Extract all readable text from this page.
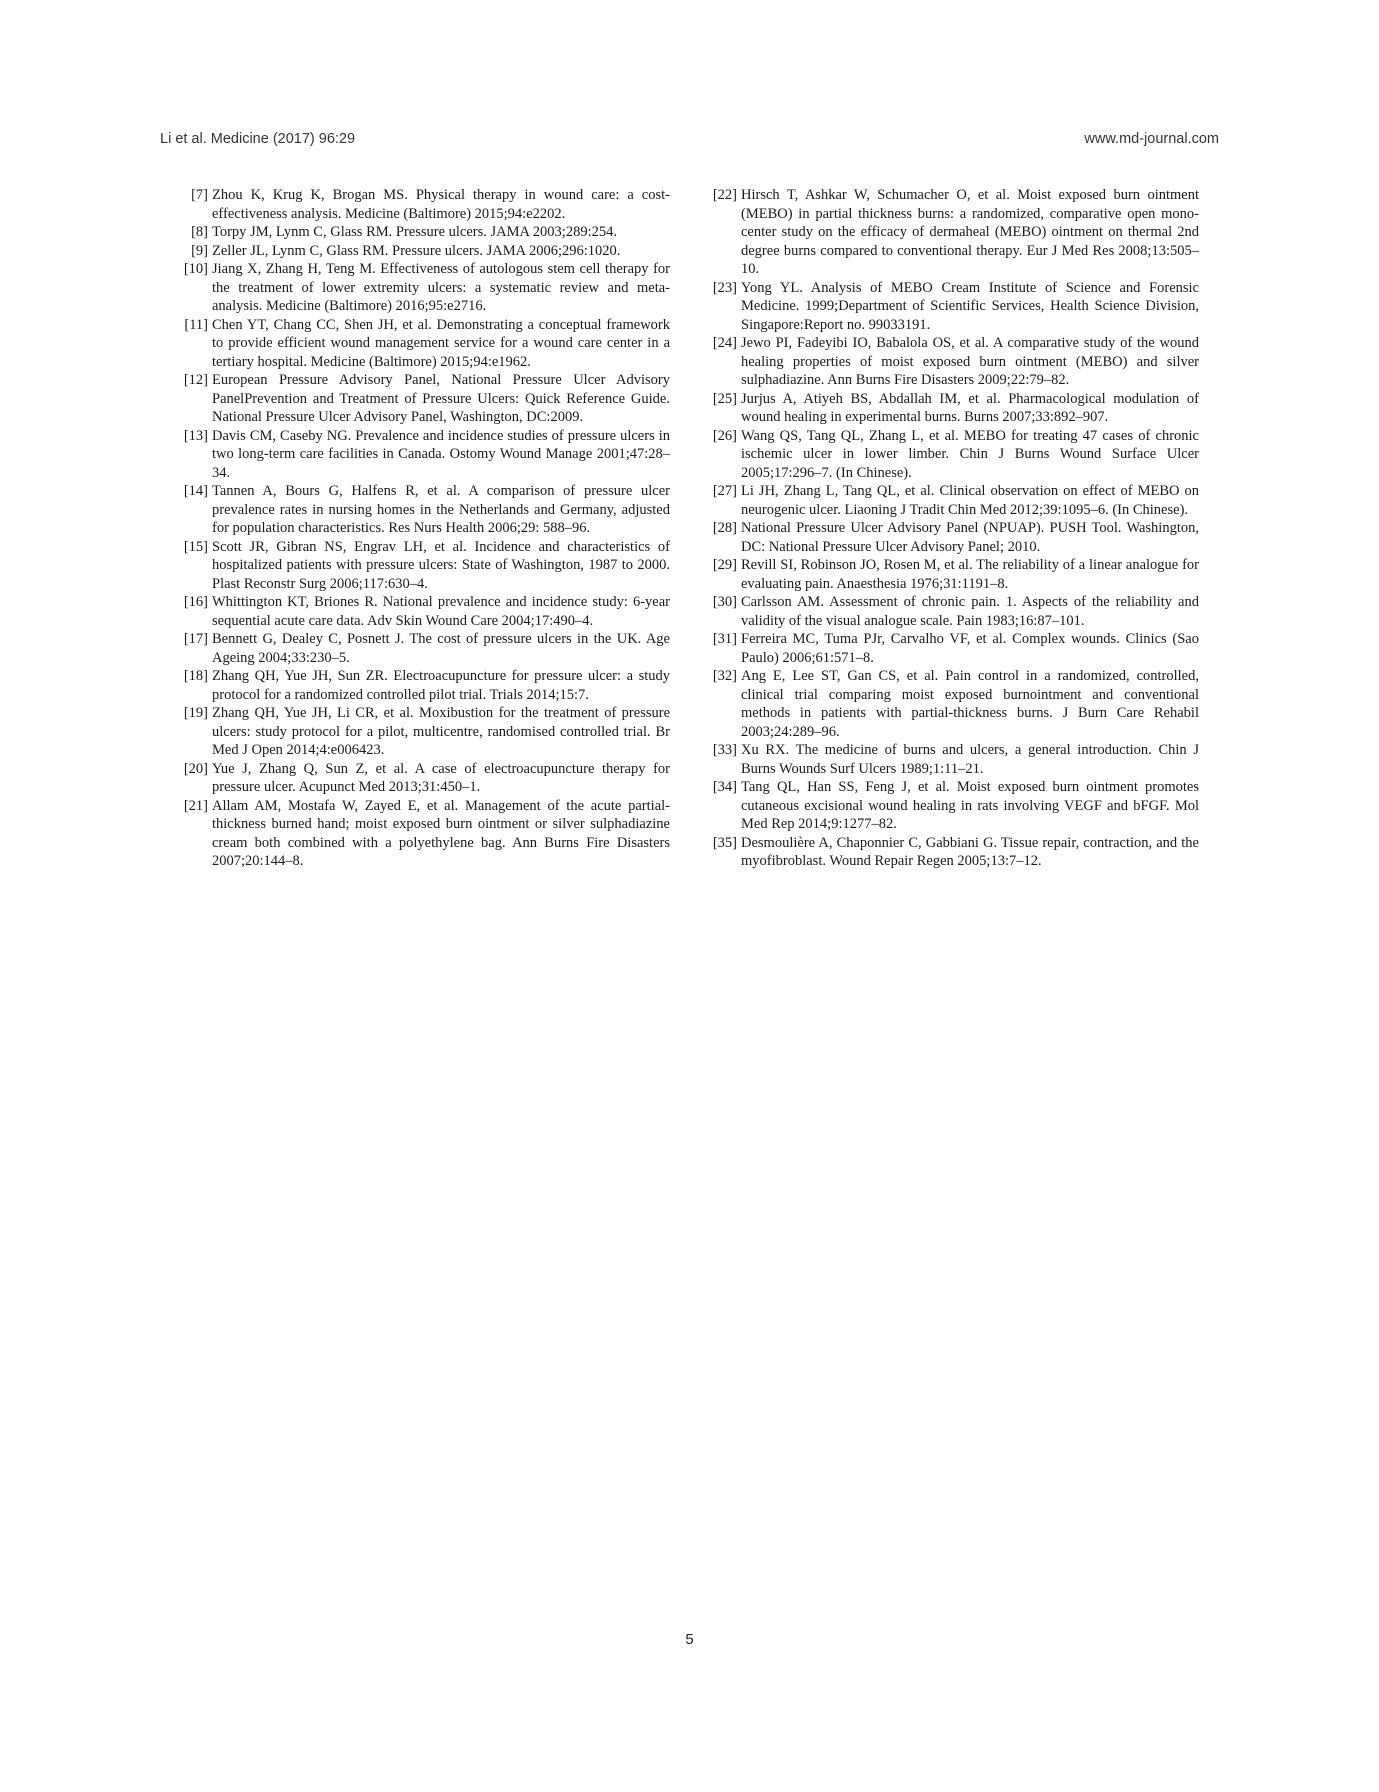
Li et al. Medicine (2017) 96:29	www.md-journal.com

[7] Zhou K, Krug K, Brogan MS. Physical therapy in wound care: a cost-effectiveness analysis. Medicine (Baltimore) 2015;94:e2202.

[8] Torpy JM, Lynm C, Glass RM. Pressure ulcers. JAMA 2003;289:254.

[9] Zeller JL, Lynm C, Glass RM. Pressure ulcers. JAMA 2006;296:1020.

[10] Jiang X, Zhang H, Teng M. Effectiveness of autologous stem cell therapy for the treatment of lower extremity ulcers: a systematic review and meta-analysis. Medicine (Baltimore) 2016;95:e2716.

[11] Chen YT, Chang CC, Shen JH, et al. Demonstrating a conceptual framework to provide efficient wound management service for a wound care center in a tertiary hospital. Medicine (Baltimore) 2015;94:e1962.

[12] European Pressure Advisory Panel, National Pressure Ulcer Advisory PanelPrevention and Treatment of Pressure Ulcers: Quick Reference Guide. National Pressure Ulcer Advisory Panel, Washington, DC:2009.

[13] Davis CM, Caseby NG. Prevalence and incidence studies of pressure ulcers in two long-term care facilities in Canada. Ostomy Wound Manage 2001;47:28–34.

[14] Tannen A, Bours G, Halfens R, et al. A comparison of pressure ulcer prevalence rates in nursing homes in the Netherlands and Germany, adjusted for population characteristics. Res Nurs Health 2006;29: 588–96.

[15] Scott JR, Gibran NS, Engrav LH, et al. Incidence and characteristics of hospitalized patients with pressure ulcers: State of Washington, 1987 to 2000. Plast Reconstr Surg 2006;117:630–4.

[16] Whittington KT, Briones R. National prevalence and incidence study: 6-year sequential acute care data. Adv Skin Wound Care 2004;17:490–4.

[17] Bennett G, Dealey C, Posnett J. The cost of pressure ulcers in the UK. Age Ageing 2004;33:230–5.

[18] Zhang QH, Yue JH, Sun ZR. Electroacupuncture for pressure ulcer: a study protocol for a randomized controlled pilot trial. Trials 2014;15:7.

[19] Zhang QH, Yue JH, Li CR, et al. Moxibustion for the treatment of pressure ulcers: study protocol for a pilot, multicentre, randomised controlled trial. Br Med J Open 2014;4:e006423.

[20] Yue J, Zhang Q, Sun Z, et al. A case of electroacupuncture therapy for pressure ulcer. Acupunct Med 2013;31:450–1.

[21] Allam AM, Mostafa W, Zayed E, et al. Management of the acute partial-thickness burned hand; moist exposed burn ointment or silver sulphadiazine cream both combined with a polyethylene bag. Ann Burns Fire Disasters 2007;20:144–8.

[22] Hirsch T, Ashkar W, Schumacher O, et al. Moist exposed burn ointment (MEBO) in partial thickness burns: a randomized, comparative open mono-center study on the efficacy of dermaheal (MEBO) ointment on thermal 2nd degree burns compared to conventional therapy. Eur J Med Res 2008;13:505–10.

[23] Yong YL. Analysis of MEBO Cream Institute of Science and Forensic Medicine. 1999;Department of Scientific Services, Health Science Division, Singapore:Report no. 99033191.

[24] Jewo PI, Fadeyibi IO, Babalola OS, et al. A comparative study of the wound healing properties of moist exposed burn ointment (MEBO) and silver sulphadiazine. Ann Burns Fire Disasters 2009;22:79–82.

[25] Jurjus A, Atiyeh BS, Abdallah IM, et al. Pharmacological modulation of wound healing in experimental burns. Burns 2007;33:892–907.

[26] Wang QS, Tang QL, Zhang L, et al. MEBO for treating 47 cases of chronic ischemic ulcer in lower limber. Chin J Burns Wound Surface Ulcer 2005;17:296–7. (In Chinese).

[27] Li JH, Zhang L, Tang QL, et al. Clinical observation on effect of MEBO on neurogenic ulcer. Liaoning J Tradit Chin Med 2012;39:1095–6. (In Chinese).

[28] National Pressure Ulcer Advisory Panel (NPUAP). PUSH Tool. Washington, DC: National Pressure Ulcer Advisory Panel; 2010.

[29] Revill SI, Robinson JO, Rosen M, et al. The reliability of a linear analogue for evaluating pain. Anaesthesia 1976;31:1191–8.

[30] Carlsson AM. Assessment of chronic pain. 1. Aspects of the reliability and validity of the visual analogue scale. Pain 1983;16:87–101.

[31] Ferreira MC, Tuma PJr, Carvalho VF, et al. Complex wounds. Clinics (Sao Paulo) 2006;61:571–8.

[32] Ang E, Lee ST, Gan CS, et al. Pain control in a randomized, controlled, clinical trial comparing moist exposed burnointment and conventional methods in patients with partial-thickness burns. J Burn Care Rehabil 2003;24:289–96.

[33] Xu RX. The medicine of burns and ulcers, a general introduction. Chin J Burns Wounds Surf Ulcers 1989;1:11–21.

[34] Tang QL, Han SS, Feng J, et al. Moist exposed burn ointment promotes cutaneous excisional wound healing in rats involving VEGF and bFGF. Mol Med Rep 2014;9:1277–82.

[35] Desmoulière A, Chaponnier C, Gabbiani G. Tissue repair, contraction, and the myofibroblast. Wound Repair Regen 2005;13:7–12.

5
